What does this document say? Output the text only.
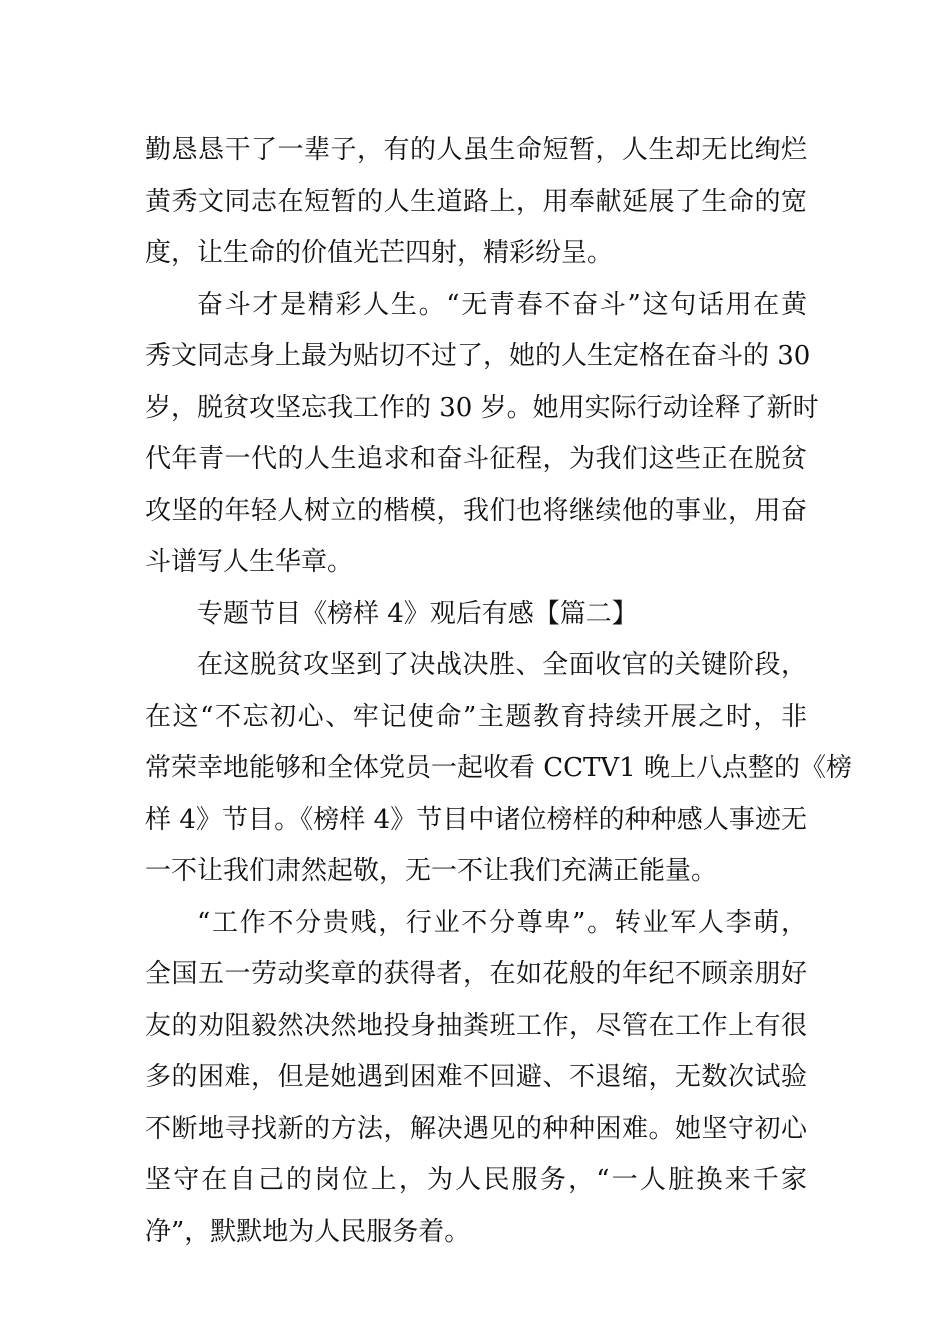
勤恳恳干了一辈子，有的人虽生命短暂，人生却无比绚烂
黄秀文同志在短暂的人生道路上，用奉献延展了生命的宽
度，让生命的价值光芒四射，精彩纷呈。
奋斗才是精彩人生。“无青春不奋斗”这句话用在黄
秀文同志身上最为贴切不过了，她的人生定格在奋斗的 30
岁，脱贫攻坚忘我工作的 30 岁。她用实际行动诠释了新时
代年青一代的人生追求和奋斗征程，为我们这些正在脱贫
攻坚的年轻人树立的楷模，我们也将继续他的事业，用奋
斗谱写人生华章。
专题节目《榜样 4》观后有感【篇二】
在这脱贫攻坚到了决战决胜、全面收官的关键阶段，
在这“不忘初心、牢记使命”主题教育持续开展之时，非
常荣幸地能够和全体党员一起收看 CCTV1 晚上八点整的《榜
样 4》节目。《榜样 4》节目中诸位榜样的种种感人事迹无
一不让我们肃然起敬，无一不让我们充满正能量。
“工作不分贵贱，行业不分尊卑”。转业军人李萌，
全国五一劳动奖章的获得者，在如花般的年纪不顾亲朋好
友的劝阻毅然决然地投身抽粪班工作，尽管在工作上有很
多的困难，但是她遇到困难不回避、不退缩，无数次试验
不断地寻找新的方法，解决遇见的种种困难。她坚守初心
坚守在自己的岗位上，为人民服务，“一人脏换来千家
净”，默默地为人民服务着。
